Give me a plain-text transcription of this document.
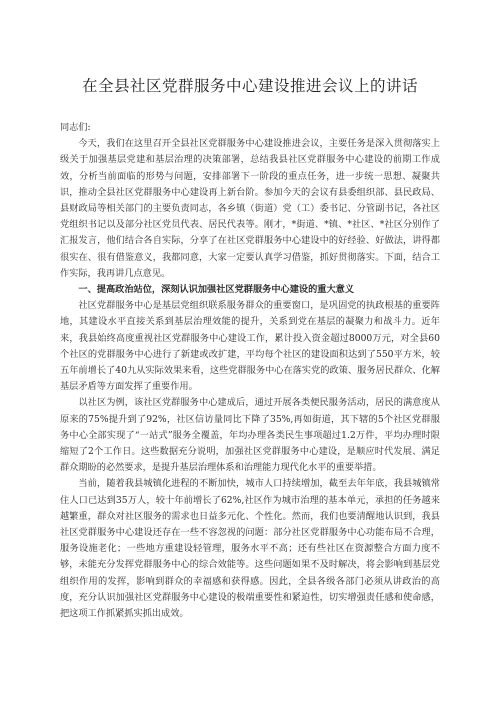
在全县社区党群服务中心建设推进会议上的讲话

同志们:

今天，我们在这里召开全县社区党群服务中心建设推进会议，主要任务是深入贯彻落实上级关于加强基层党建和基层治理的决策部署，总结我县社区党群服务中心建设的前期工作成效，分析当前面临的形势与问题，安排部署下一阶段的重点任务，进一步统一思想、凝聚共识，推动全县社区党群服务中心建设再上新台阶。参加今天的会议有县委组织部、县民政局、县财政局等相关部门的主要负责同志，各乡镇（街道）党（工）委书记、分管副书记，各社区党组织书记以及部分社区党员代表、居民代表等。刚才，*街道、*镇、*社区、*社区分别作了汇报发言，他们结合各自实际，分享了在社区党群服务中心建设中的好经验、好做法，讲得都很实在、很有借鉴意义，我都同意，大家一定要认真学习借鉴，抓好贯彻落实。下面，结合工作实际，我再讲几点意见。

一、提高政治站位，深刻认识加强社区党群服务中心建设的重大意义

社区党群服务中心是基层党组织联系服务群众的重要窗口，是巩固党的执政根基的重要阵地，其建设水平直接关系到基层治理效能的提升，关系到党在基层的凝聚力和战斗力。近年来，我县始终高度重视社区党群服务中心建设工作，累计投入资金超过8000万元，对全县60个社区的党群服务中心进行了新建或改扩建，平均每个社区的建设面积达到了550平方米，较五年前增长了40九从实际效果来看，这些党群服务中心在落实党的政策、服务居民群众、化解基层矛盾等方面发挥了重要作用。

以社区为例，该社区党群服务中心建成后，通过开展各类便民服务活动，居民的满意度从原来的75%提升到了92%，社区信访量同比下降了35%,再如街道，其下辖的5个社区党群服务中心全部实现了“一站式”服务全覆盖，年均办理各类民生事项超过1.2万件，平均办理时限缩短了2个工作日。这些数据充分说明，加强社区党群服务中心建设，是顺应时代发展、满足群众期盼的必然要求，是提升基层治理体系和治理能力现代化水平的重要举措。

当前，随着我县城镇化进程的不断加快，城市人口持续增加，截至去年年底，我县城镇常住人口已达到35万人，较十年前增长了62%,社区作为城市治理的基本单元，承担的任务越来越繁重，群众对社区服务的需求也日益多元化、个性化。然而，我们也要清醒地认识到，我县社区党群服务中心建设还存在一些不容忽视的问题：部分社区党群服务中心功能布局不合理，服务设施老化；一些地方重建设轻管理，服务水平不高；还有些社区在资源整合方面力度不够，未能充分发挥党群服务中心的综合效能等。这些问题如果不及时解决，将会影响到基层党组织作用的发挥，影响到群众的幸福感和获得感。因此，全县各级各部门必须从讲政治的高度，充分认识加强社区党群服务中心建设的极端重要性和紧迫性，切实增强责任感和使命感，把这项工作抓紧抓实抓出成效。
